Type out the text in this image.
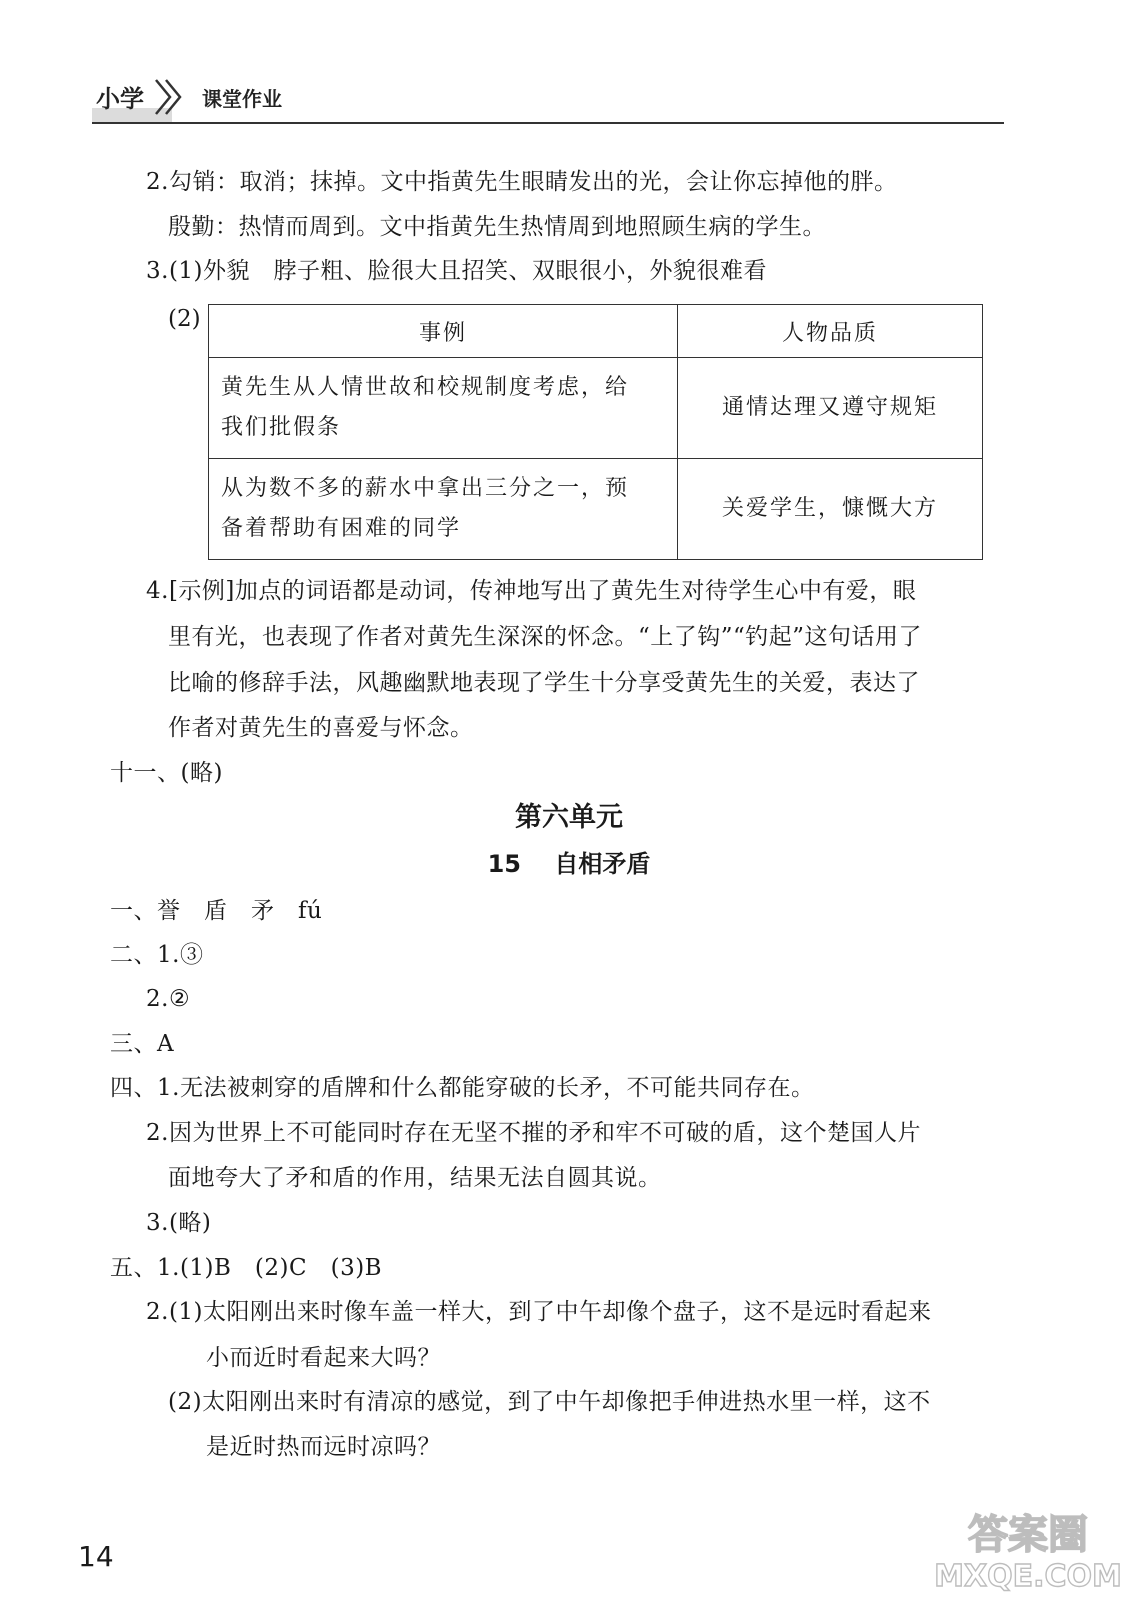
小学	课堂作业
2.勾销：取消；抹掉。文中指黄先生眼睛发出的光，会让你忘掉他的胖。
殷勤：热情而周到。文中指黄先生热情周到地照顾生病的学生。
3.(1)外貌　脖子粗、脸很大且招笑、双眼很小，外貌很难看
(2)
事例	人物品质

黄先生从人情世故和校规制度考虑，给
我们批假条	通情达理又遵守规矩

从为数不多的薪水中拿出三分之一，预
备着帮助有困难的同学	关爱学生，慷慨大方
4.[示例]加点的词语都是动词，传神地写出了黄先生对待学生心中有爱，眼
里有光，也表现了作者对黄先生深深的怀念。“上了钩”“钓起”这句话用了
比喻的修辞手法，风趣幽默地表现了学生十分享受黄先生的关爱，表达了
作者对黄先生的喜爱与怀念。
十一、(略)
第六单元
15 自相矛盾
一、誉　盾　矛　fú
二、1.③
2.②
三、A
四、1.无法被刺穿的盾牌和什么都能穿破的长矛，不可能共同存在。
2.因为世界上不可能同时存在无坚不摧的矛和牢不可破的盾，这个楚国人片
面地夸大了矛和盾的作用，结果无法自圆其说。
3.(略)
五、1.(1)B　(2)C　(3)B
2.(1)太阳刚出来时像车盖一样大，到了中午却像个盘子，这不是远时看起来
小而近时看起来大吗？
(2)太阳刚出来时有清凉的感觉，到了中午却像把手伸进热水里一样，这不
是近时热而远时凉吗？
14	答案圈
MXQE.COM
